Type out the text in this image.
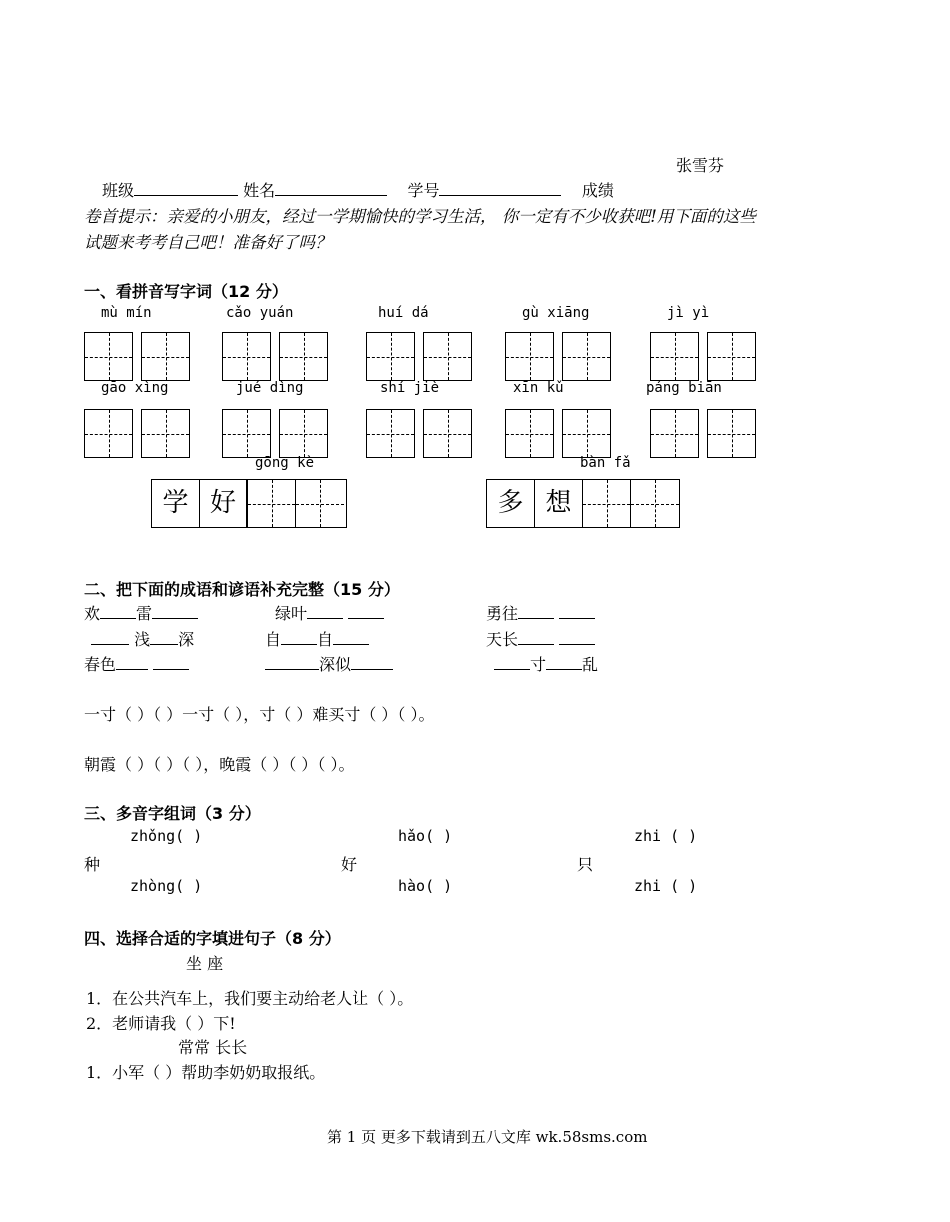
张雪芬
班级	姓名	学号	成绩
卷首提示：亲爱的小朋友，经过一学期愉快的学习生活， 你一定有不少收获吧!用下面的这些
试题来考考自己吧！准备好了吗？
一、看拼音写字词（12 分）
mù mín	cǎo yuán	huí dá	gù xiāng	jì yì
gāo xìng	jué dìng	shí jiè	xīn kǔ	páng biān
gōng kè	bàn fǎ
学 好	多 想
二、把下面的成语和谚语补充完整（15 分）
欢 雷	绿叶	勇往
浅 深	自 自	天长
春色	深似	寸 乱
一寸（ ）（ ）一寸（ ），寸（ ）难买寸（ ）（ ）。
朝霞（ ）（ ）（ ），晚霞（ ）（ ）（ ）。
三、多音字组词（3 分）
zhǒng( )	hǎo( )	zhi ( )
种	好	只
zhòng( )	hào( )	zhi ( )
四、选择合适的字填进句子（8 分）
坐 座
1．在公共汽车上，我们要主动给老人让（ ）。
2．老师请我（ ）下!
常常 长长
1．小军（ ）帮助李奶奶取报纸。
第 1 页 更多下载请到五八文库 wk.58sms.com
